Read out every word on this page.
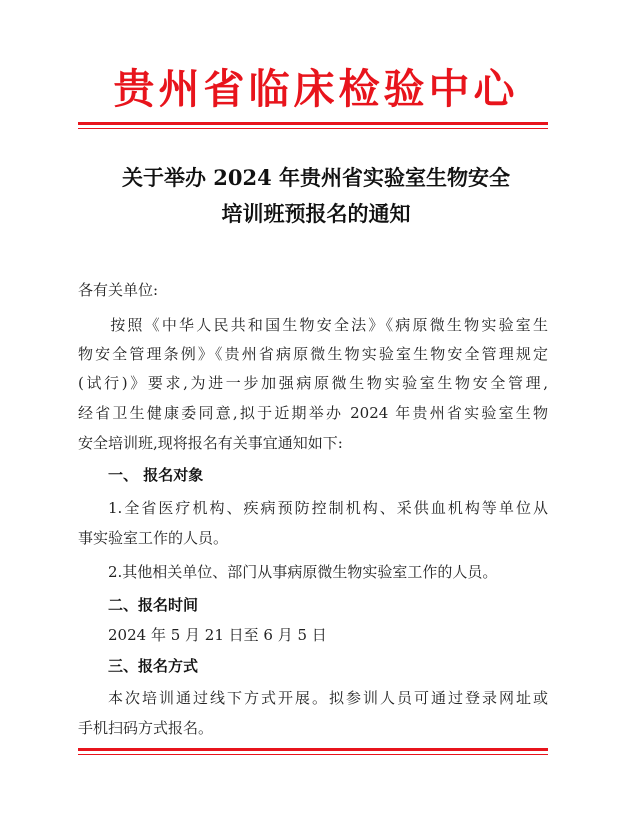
贵州省临床检验中心
关于举办 2024 年贵州省实验室生物安全
培训班预报名的通知
各有关单位:
按照《中华人民共和国生物安全法》《病原微生物实验室生
物安全管理条例》《贵州省病原微生物实验室生物安全管理规定
(试行)》要求,为进一步加强病原微生物实验室生物安全管理,
经省卫生健康委同意,拟于近期举办 2024 年贵州省实验室生物
安全培训班,现将报名有关事宜通知如下:
一、 报名对象
1.全省医疗机构、疾病预防控制机构、采供血机构等单位从
事实验室工作的人员。
2.其他相关单位、部门从事病原微生物实验室工作的人员。
二、报名时间
2024 年 5 月 21 日至 6 月 5 日
三、报名方式
本次培训通过线下方式开展。拟参训人员可通过登录网址或
手机扫码方式报名。
